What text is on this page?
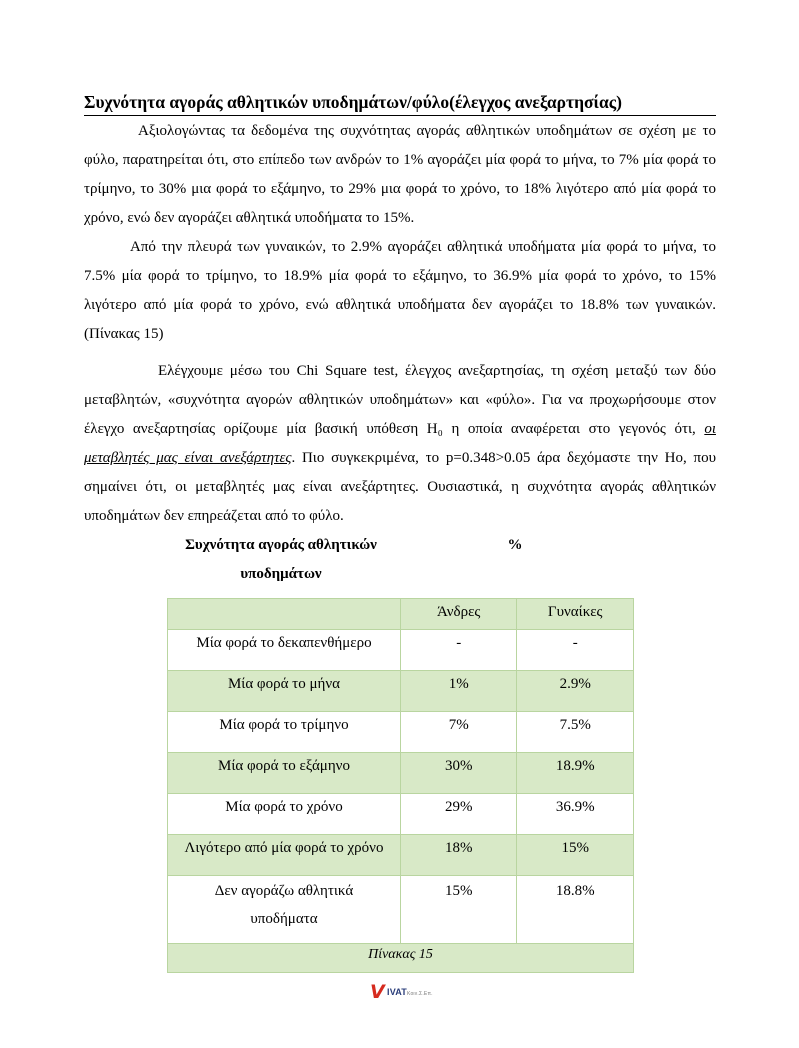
Συχνότητα αγοράς αθλητικών υποδημάτων/φύλο(έλεγχος ανεξαρτησίας)

Αξιολογώντας τα δεδομένα της συχνότητας αγοράς αθλητικών υποδημάτων σε σχέση με το φύλο, παρατηρείται ότι, στο επίπεδο των ανδρών το 1% αγοράζει μία φορά το μήνα, το 7% μία φορά το τρίμηνο, το 30% μια φορά το εξάμηνο, το 29% μια φορά το χρόνο, το 18% λιγότερο από μία φορά το χρόνο, ενώ δεν αγοράζει αθλητικά υποδήματα το 15%.

Από την πλευρά των γυναικών, το 2.9% αγοράζει αθλητικά υποδήματα μία φορά το μήνα, το 7.5% μία φορά το τρίμηνο, το 18.9% μία φορά το εξάμηνο, το 36.9% μία φορά το χρόνο, το 15% λιγότερο από μία φορά το χρόνο, ενώ αθλητικά υποδήματα δεν αγοράζει το 18.8% των γυναικών. (Πίνακας 15)

Ελέγχουμε μέσω του Chi Square test, έλεγχος ανεξαρτησίας, τη σχέση μεταξύ των δύο μεταβλητών, «συχνότητα αγορών αθλητικών υποδημάτων» και «φύλο». Για να προχωρήσουμε στον έλεγχο ανεξαρτησίας ορίζουμε μία βασική υπόθεση H₀ η οποία αναφέρεται στο γεγονός ότι, οι μεταβλητές μας είναι ανεξάρτητες. Πιο συγκεκριμένα, το p=0.348>0.05 άρα δεχόμαστε την Ho, που σημαίνει ότι, οι μεταβλητές μας είναι ανεξάρτητες. Ουσιαστικά, η συχνότητα αγοράς αθλητικών υποδημάτων δεν επηρεάζεται από το φύλο.

Συχνότητα αγοράς αθλητικών
υποδημάτων
%
	Άνδρες	Γυναίκες
Μία φορά το δεκαπενθήμερο	-	-
Μία φορά το μήνα	1%	2.9%
Μία φορά το τρίμηνο	7%	7.5%
Μία φορά το εξάμηνο	30%	18.9%
Μία φορά το χρόνο	29%	36.9%
Λιγότερο από μία φορά το χρόνο	18%	15%

Δεν αγοράζω αθλητικά
υποδήματα	15%	18.8%
Πίνακας 15		
V IVATΚοιν.Σ.Επ.
